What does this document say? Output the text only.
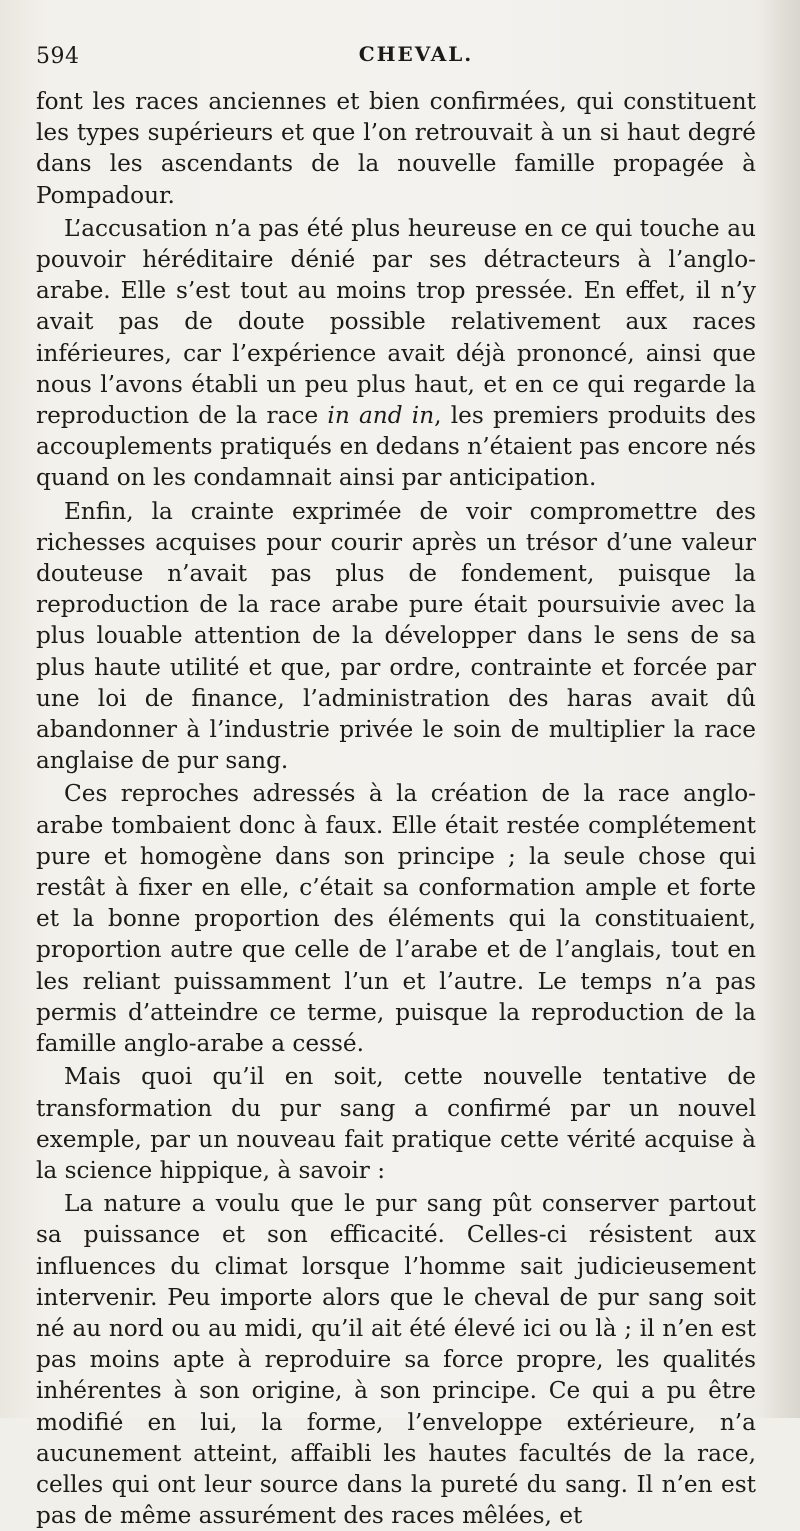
594	CHEVAL.

font les races anciennes et bien confirmées, qui constituent les types supérieurs et que l’on retrouvait à un si haut degré dans les ascendants de la nouvelle famille propagée à Pompadour.

L’accusation n’a pas été plus heureuse en ce qui touche au pouvoir héréditaire dénié par ses détracteurs à l’anglo-arabe. Elle s’est tout au moins trop pressée. En effet, il n’y avait pas de doute possible relativement aux races inférieures, car l’expérience avait déjà prononcé, ainsi que nous l’avons établi un peu plus haut, et en ce qui regarde la reproduction de la race in and in, les premiers produits des accouplements pratiqués en dedans n’étaient pas encore nés quand on les condamnait ainsi par anticipation.

Enfin, la crainte exprimée de voir compromettre des richesses acquises pour courir après un trésor d’une valeur douteuse n’avait pas plus de fondement, puisque la reproduction de la race arabe pure était poursuivie avec la plus louable attention de la développer dans le sens de sa plus haute utilité et que, par ordre, contrainte et forcée par une loi de finance, l’administration des haras avait dû abandonner à l’industrie privée le soin de multiplier la race anglaise de pur sang.

Ces reproches adressés à la création de la race anglo-arabe tombaient donc à faux. Elle était restée complétement pure et homogène dans son principe ; la seule chose qui restât à fixer en elle, c’était sa conformation ample et forte et la bonne proportion des éléments qui la constituaient, proportion autre que celle de l’arabe et de l’anglais, tout en les reliant puissamment l’un et l’autre. Le temps n’a pas permis d’atteindre ce terme, puisque la reproduction de la famille anglo-arabe a cessé.

Mais quoi qu’il en soit, cette nouvelle tentative de transformation du pur sang a confirmé par un nouvel exemple, par un nouveau fait pratique cette vérité acquise à la science hippique, à savoir :

La nature a voulu que le pur sang pût conserver partout sa puissance et son efficacité. Celles-ci résistent aux influences du climat lorsque l’homme sait judicieusement intervenir. Peu importe alors que le cheval de pur sang soit né au nord ou au midi, qu’il ait été élevé ici ou là ; il n’en est pas moins apte à reproduire sa force propre, les qualités inhérentes à son origine, à son principe. Ce qui a pu être modifié en lui, la forme, l’enveloppe extérieure, n’a aucunement atteint, affaibli les hautes facultés de la race, celles qui ont leur source dans la pureté du sang. Il n’en est pas de même assurément des races mêlées, et
